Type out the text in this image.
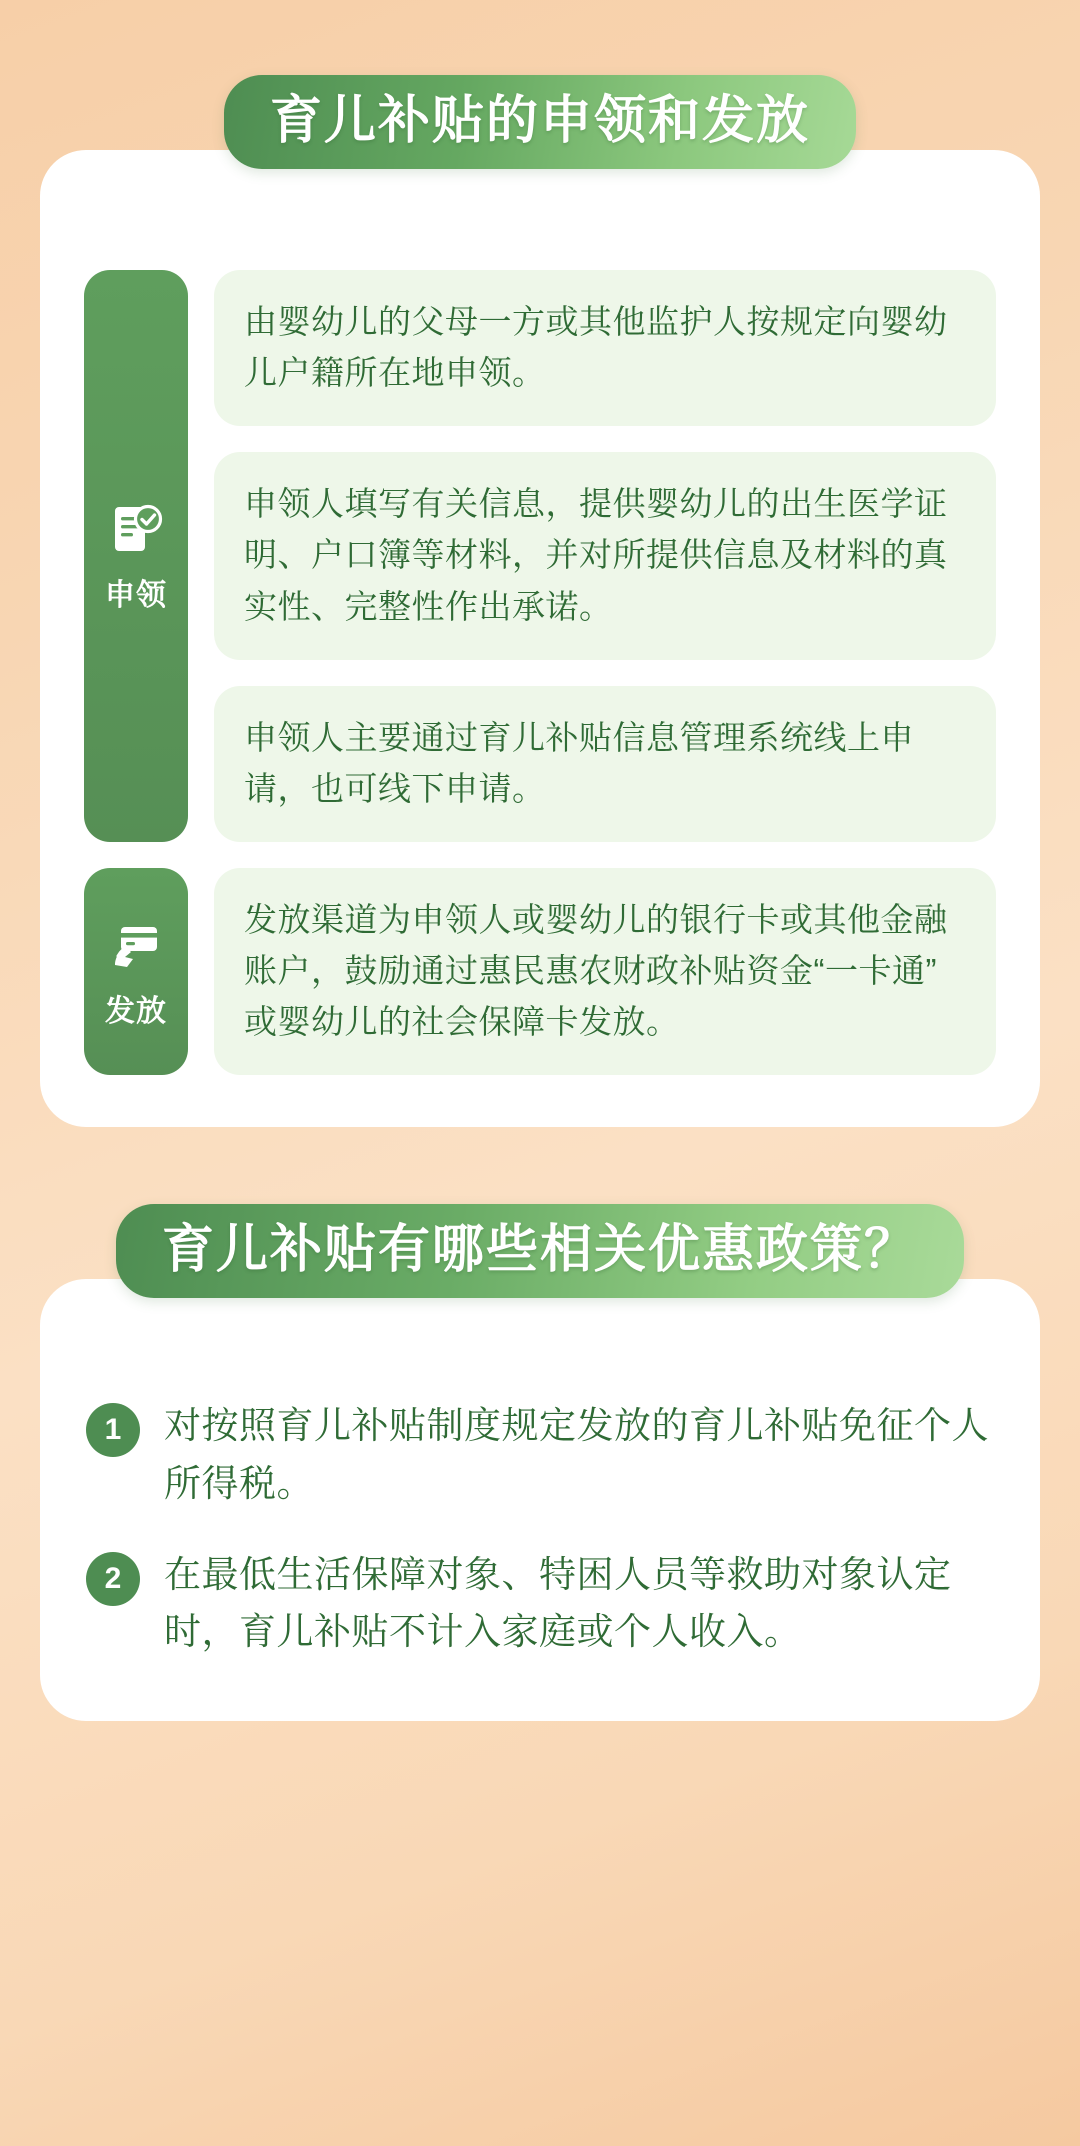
育儿补贴的申领和发放
申领
由婴幼儿的父母一方或其他监护人按规定向婴幼儿户籍所在地申领。
申领人填写有关信息，提供婴幼儿的出生医学证明、户口簿等材料，并对所提供信息及材料的真实性、完整性作出承诺。
申领人主要通过育儿补贴信息管理系统线上申请，也可线下申请。
发放
发放渠道为申领人或婴幼儿的银行卡或其他金融账户，鼓励通过惠民惠农财政补贴资金“一卡通”或婴幼儿的社会保障卡发放。
育儿补贴有哪些相关优惠政策？
1	对按照育儿补贴制度规定发放的育儿补贴免征个人所得税。
2	在最低生活保障对象、特困人员等救助对象认定时，育儿补贴不计入家庭或个人收入。
